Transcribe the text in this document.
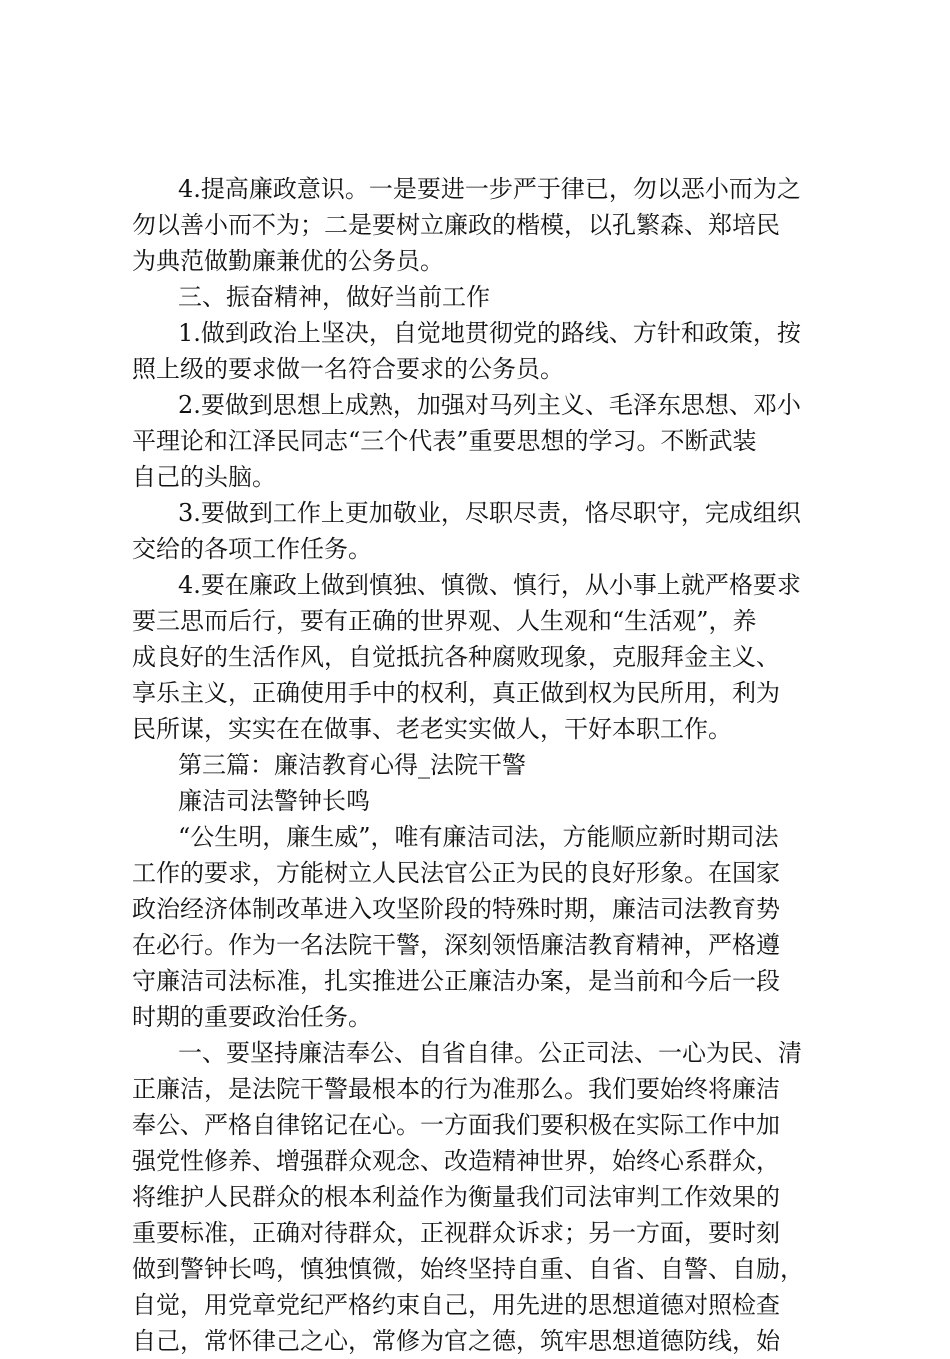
4.提高廉政意识。一是要进一步严于律已，勿以恶小而为之
勿以善小而不为；二是要树立廉政的楷模，以孔繁森、郑培民
为典范做勤廉兼优的公务员。
三、振奋精神，做好当前工作
1.做到政治上坚决，自觉地贯彻党的路线、方针和政策，按
照上级的要求做一名符合要求的公务员。
2.要做到思想上成熟，加强对马列主义、毛泽东思想、邓小
平理论和江泽民同志“三个代表”重要思想的学习。不断武装
自己的头脑。
3.要做到工作上更加敬业，尽职尽责，恪尽职守，完成组织
交给的各项工作任务。
4.要在廉政上做到慎独、慎微、慎行，从小事上就严格要求
要三思而后行，要有正确的世界观、人生观和“生活观”，养
成良好的生活作风，自觉抵抗各种腐败现象，克服拜金主义、
享乐主义，正确使用手中的权利，真正做到权为民所用，利为
民所谋，实实在在做事、老老实实做人，干好本职工作。
第三篇：廉洁教育心得_法院干警
廉洁司法警钟长鸣
“公生明，廉生威”，唯有廉洁司法，方能顺应新时期司法
工作的要求，方能树立人民法官公正为民的良好形象。在国家
政治经济体制改革进入攻坚阶段的特殊时期，廉洁司法教育势
在必行。作为一名法院干警，深刻领悟廉洁教育精神，严格遵
守廉洁司法标准，扎实推进公正廉洁办案，是当前和今后一段
时期的重要政治任务。
一、要坚持廉洁奉公、自省自律。公正司法、一心为民、清
正廉洁，是法院干警最根本的行为准那么。我们要始终将廉洁
奉公、严格自律铭记在心。一方面我们要积极在实际工作中加
强党性修养、增强群众观念、改造精神世界，始终心系群众，
将维护人民群众的根本利益作为衡量我们司法审判工作效果的
重要标准，正确对待群众，正视群众诉求；另一方面，要时刻
做到警钟长鸣，慎独慎微，始终坚持自重、自省、自警、自励，
自觉，用党章党纪严格约束自己，用先进的思想道德对照检查
自己，常怀律己之心，常修为官之德，筑牢思想道德防线，始
